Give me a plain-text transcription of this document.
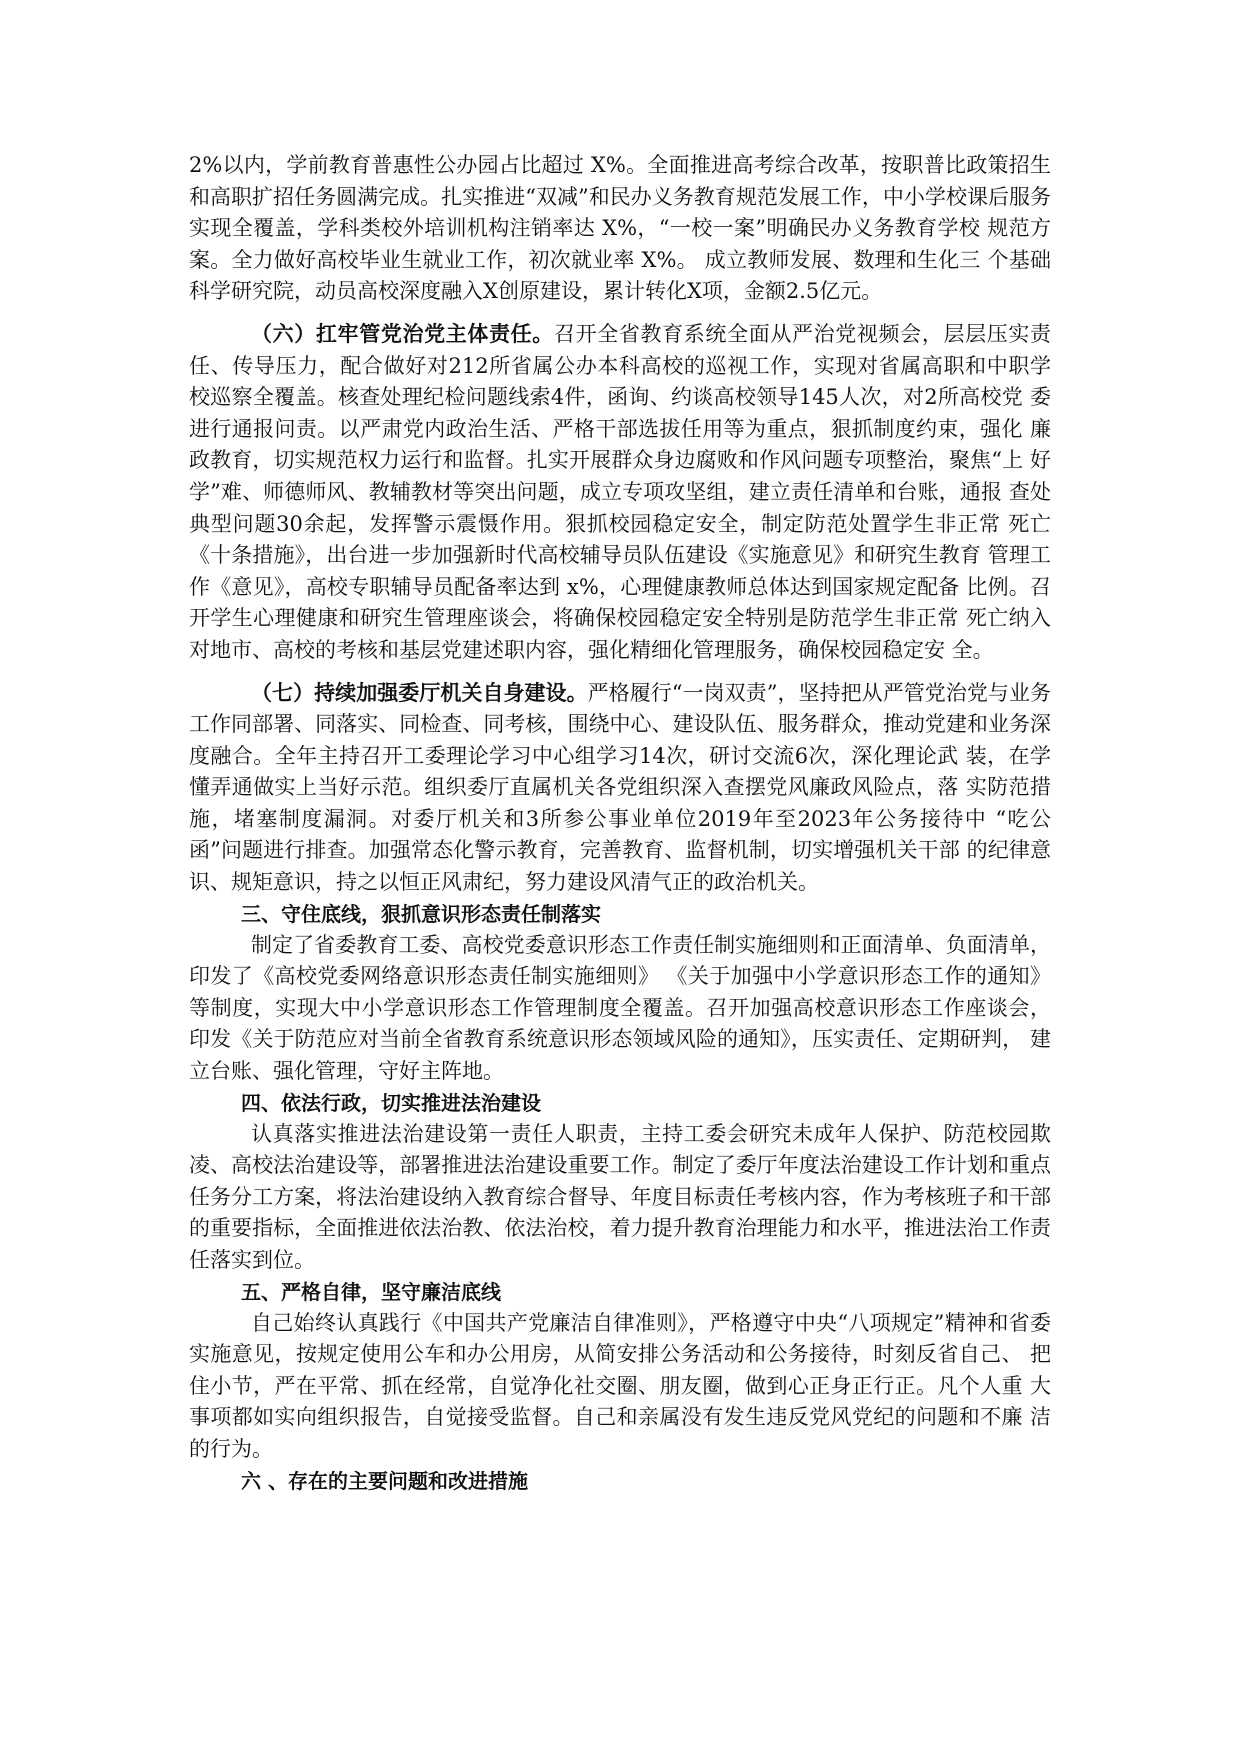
2%以内，学前教育普惠性公办园占比超过 X%。全面推进高考综合改革，按职普比政策招生和高职扩招任务圆满完成。扎实推进“双减”和民办义务教育规范发展工作，中小学校课后服务实现全覆盖，学科类校外培训机构注销率达 X%，“一校一案”明确民办义务教育学校 规范方案。全力做好高校毕业生就业工作，初次就业率 X%。 成立教师发展、数理和生化三 个基础科学研究院，动员高校深度融入X创原建设，累计转化X项，金额2.5亿元。

（六）扛牢管党治党主体责任。召开全省教育系统全面从严治党视频会，层层压实责任、传导压力，配合做好对212所省属公办本科高校的巡视工作，实现对省属高职和中职学 校巡察全覆盖。核查处理纪检问题线索4件，函询、约谈高校领导145人次，对2所高校党 委进行通报问责。以严肃党内政治生活、严格干部选拔任用等为重点，狠抓制度约束，强化 廉政教育，切实规范权力运行和监督。扎实开展群众身边腐败和作风问题专项整治，聚焦“上 好学”难、师德师风、教辅教材等突出问题，成立专项攻坚组，建立责任清单和台账，通报 查处典型问题30余起，发挥警示震慑作用。狠抓校园稳定安全，制定防范处置学生非正常 死亡《十条措施》，出台进一步加强新时代高校辅导员队伍建设《实施意见》和研究生教育 管理工作《意见》，高校专职辅导员配备率达到 x%，心理健康教师总体达到国家规定配备 比例。召开学生心理健康和研究生管理座谈会，将确保校园稳定安全特别是防范学生非正常 死亡纳入对地市、高校的考核和基层党建述职内容，强化精细化管理服务，确保校园稳定安 全。

（七）持续加强委厅机关自身建设。严格履行“一岗双责”，坚持把从严管党治党与业务工作同部署、同落实、同检查、同考核，围绕中心、建设队伍、服务群众，推动党建和业务深度融合。全年主持召开工委理论学习中心组学习14次，研讨交流6次，深化理论武 装，在学懂弄通做实上当好示范。组织委厅直属机关各党组织深入查摆党风廉政风险点，落 实防范措施，堵塞制度漏洞。对委厅机关和3所参公事业单位2019年至2023年公务接待中 “吃公函”问题进行排查。加强常态化警示教育，完善教育、监督机制，切实增强机关干部 的纪律意识、规矩意识，持之以恒正风肃纪，努力建设风清气正的政治机关。

三、守住底线，狠抓意识形态责任制落实

制定了省委教育工委、高校党委意识形态工作责任制实施细则和正面清单、负面清单，印发了《高校党委网络意识形态责任制实施细则》 《关于加强中小学意识形态工作的通知》 等制度，实现大中小学意识形态工作管理制度全覆盖。召开加强高校意识形态工作座谈会， 印发《关于防范应对当前全省教育系统意识形态领域风险的通知》，压实责任、定期研判， 建立台账、强化管理，守好主阵地。

四、依法行政，切实推进法治建设

认真落实推进法治建设第一责任人职责，主持工委会研究未成年人保护、防范校园欺凌、高校法治建设等，部署推进法治建设重要工作。制定了委厅年度法治建设工作计划和重点任务分工方案，将法治建设纳入教育综合督导、年度目标责任考核内容，作为考核班子和干部的重要指标，全面推进依法治教、依法治校，着力提升教育治理能力和水平，推进法治工作责任落实到位。

五、严格自律，坚守廉洁底线

自己始终认真践行《中国共产党廉洁自律准则》，严格遵守中央“八项规定”精神和省委实施意见，按规定使用公车和办公用房，从简安排公务活动和公务接待，时刻反省自己、 把住小节，严在平常、抓在经常，自觉净化社交圈、朋友圈，做到心正身正行正。凡个人重 大事项都如实向组织报告，自觉接受监督。自己和亲属没有发生违反党风党纪的问题和不廉 洁的行为。

六 、存在的主要问题和改进措施
